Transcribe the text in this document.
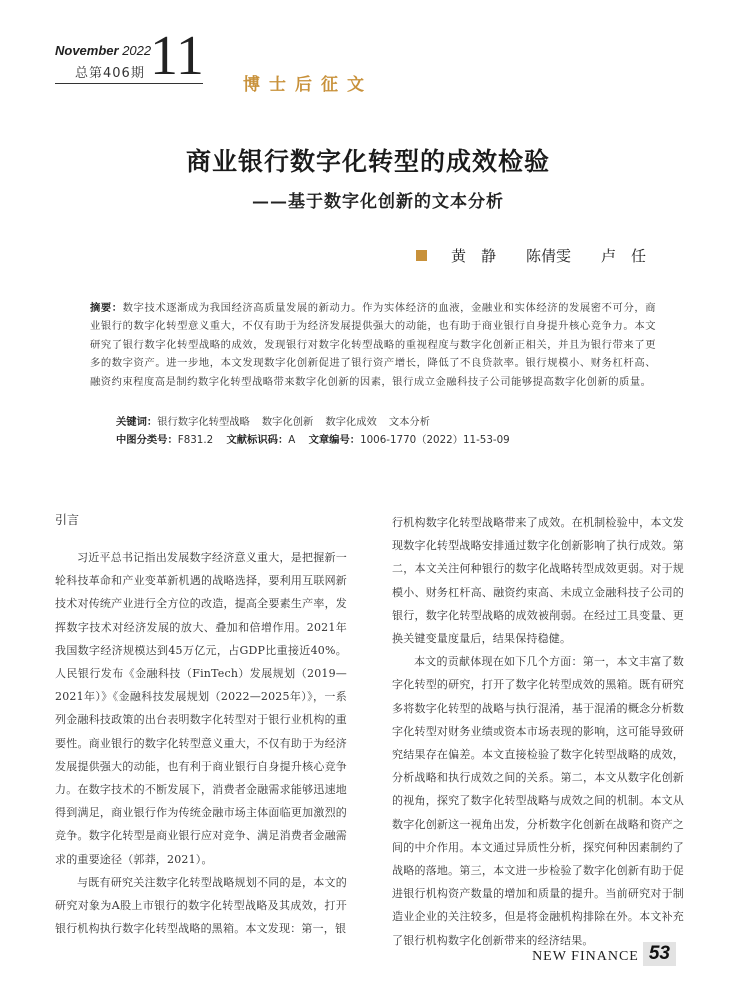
November 2022
总第406期 11 博士后征文
商业银行数字化转型的成效检验
——基于数字化创新的文本分析
黄　静 陈倩雯 卢　任
摘要：数字技术逐渐成为我国经济高质量发展的新动力。作为实体经济的血液，金融业和实体经济的发展密不可分，商业银行的数字化转型意义重大，不仅有助于为经济发展提供强大的动能，也有助于商业银行自身提升核心竞争力。本文研究了银行数字化转型战略的成效，发现银行对数字化转型战略的重视程度与数字化创新正相关，并且为银行带来了更多的数字资产。进一步地，本文发现数字化创新促进了银行资产增长，降低了不良贷款率。银行规模小、财务杠杆高、融资约束程度高是制约数字化转型战略带来数字化创新的因素，银行成立金融科技子公司能够提高数字化创新的质量。
关键词：银行数字化转型战略 数字化创新 数字化成效 文本分析
中图分类号：F831.2 文献标识码：A 文章编号：1006-1770（2022）11-53-09
引言

习近平总书记指出发展数字经济意义重大，是把握新一轮科技革命和产业变革新机遇的战略选择，要利用互联网新技术对传统产业进行全方位的改造，提高全要素生产率，发挥数字技术对经济发展的放大、叠加和倍增作用。2021年我国数字经济规模达到45万亿元，占GDP比重接近40%。人民银行发布《金融科技（FinTech）发展规划（2019—2021年）》《金融科技发展规划（2022—2025年）》，一系列金融科技政策的出台表明数字化转型对于银行业机构的重要性。商业银行的数字化转型意义重大，不仅有助于为经济发展提供强大的动能，也有利于商业银行自身提升核心竞争力。在数字技术的不断发展下，消费者金融需求能够迅速地得到满足，商业银行作为传统金融市场主体面临更加激烈的竞争。数字化转型是商业银行应对竞争、满足消费者金融需求的重要途径（郭莽，2021）。

与既有研究关注数字化转型战略规划不同的是，本文的研究对象为A股上市银行的数字化转型战略及其成效，打开银行机构执行数字化转型战略的黑箱。本文发现：第一，银

行机构数字化转型战略带来了成效。在机制检验中，本文发现数字化转型战略安排通过数字化创新影响了执行成效。第二，本文关注何种银行的数字化战略转型成效更弱。对于规模小、财务杠杆高、融资约束高、未成立金融科技子公司的银行，数字化转型战略的成效被削弱。在经过工具变量、更换关键变量度量后，结果保持稳健。

本文的贡献体现在如下几个方面：第一，本文丰富了数字化转型的研究，打开了数字化转型成效的黑箱。既有研究多将数字化转型的战略与执行混淆，基于混淆的概念分析数字化转型对财务业绩或资本市场表现的影响，这可能导致研究结果存在偏差。本文直接检验了数字化转型战略的成效，分析战略和执行成效之间的关系。第二，本文从数字化创新的视角，探究了数字化转型战略与成效之间的机制。本文从数字化创新这一视角出发，分析数字化创新在战略和资产之间的中介作用。本文通过异质性分析，探究何种因素制约了战略的落地。第三，本文进一步检验了数字化创新有助于促进银行机构资产数量的增加和质量的提升。当前研究对于制造业企业的关注较多，但是将金融机构排除在外。本文补充了银行机构数字化创新带来的经济结果。

NEW FINANCE 53
